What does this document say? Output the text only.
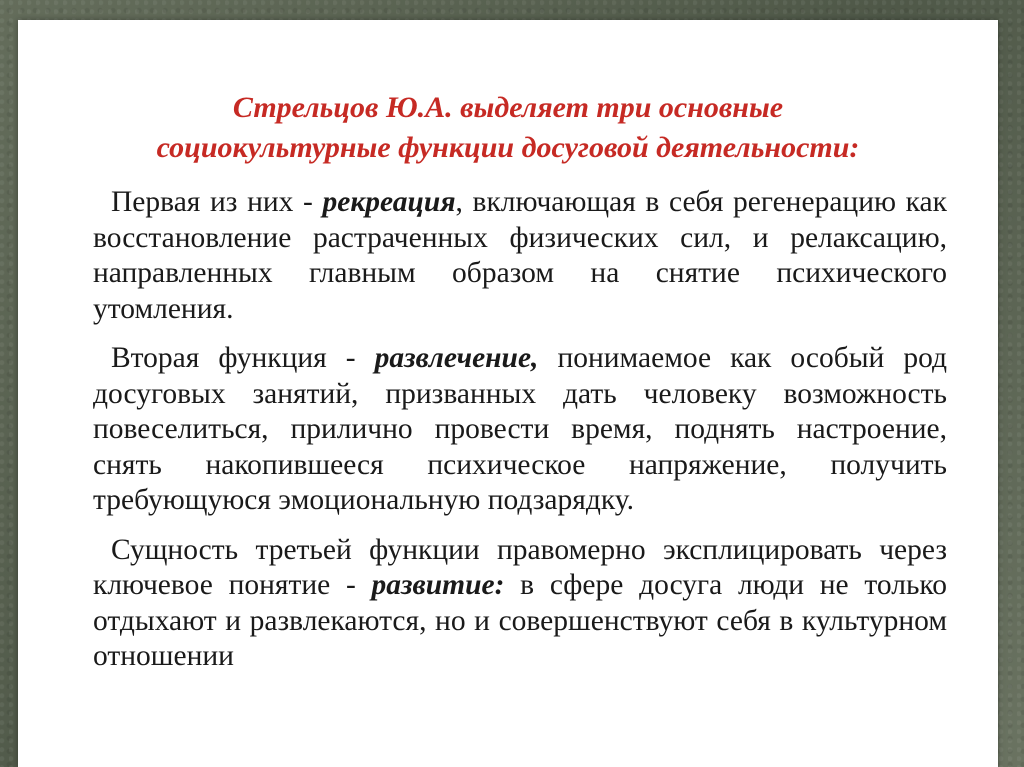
Стрельцов Ю.А. выделяет три основные
социокультурные функции досуговой деятельности:

Первая из них - рекреация, включающая в себя регенерацию как восстановление растраченных физических сил, и релаксацию, направленных главным образом на снятие психического утомления.

Вторая функция - развлечение, понимаемое как особый род досуговых занятий, призванных дать человеку возможность повеселиться, прилично провести время, поднять настроение, снять накопившееся психическое напряжение, получить требующуюся эмоциональную подзарядку.

Сущность третьей функции правомерно эксплицировать через ключевое понятие - развитие: в сфере досуга люди не только отдыхают и развлекаются, но и совершенствуют себя в культурном отношении
